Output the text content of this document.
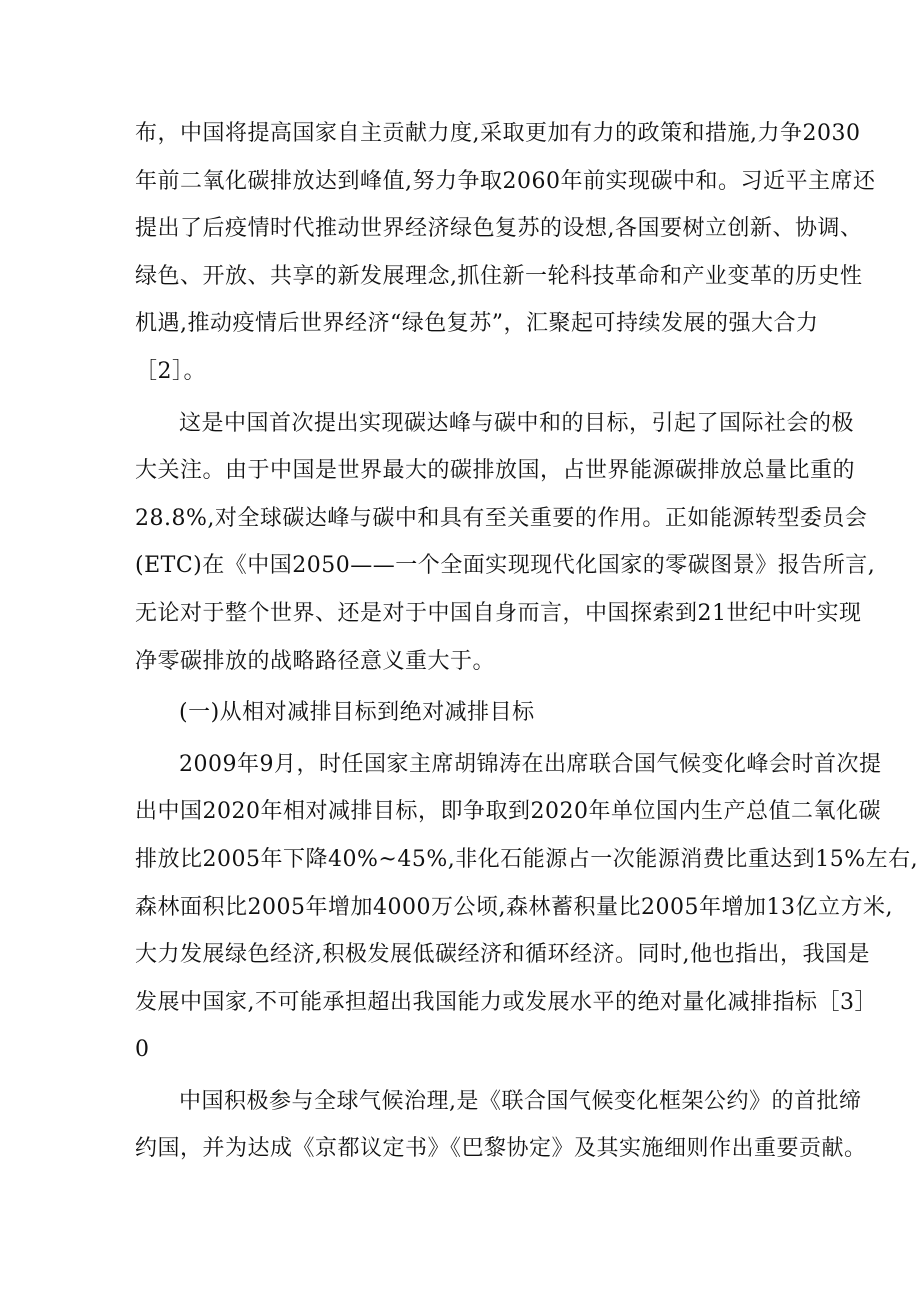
布，中国将提高国家自主贡献力度,采取更加有力的政策和措施,力争2030
年前二氧化碳排放达到峰值,努力争取2060年前实现碳中和。习近平主席还
提出了后疫情时代推动世界经济绿色复苏的设想,各国要树立创新、协调、
绿色、开放、共享的新发展理念,抓住新一轮科技革命和产业变革的历史性
机遇,推动疫情后世界经济“绿色复苏”，汇聚起可持续发展的强大合力
［2］。
这是中国首次提出实现碳达峰与碳中和的目标，引起了国际社会的极
大关注。由于中国是世界最大的碳排放国，占世界能源碳排放总量比重的
28.8%,对全球碳达峰与碳中和具有至关重要的作用。正如能源转型委员会
(ETC)在《中国2050——一个全面实现现代化国家的零碳图景》报告所言,
无论对于整个世界、还是对于中国自身而言，中国探索到21世纪中叶实现
净零碳排放的战略路径意义重大于。
(一)从相对减排目标到绝对减排目标
2009年9月，时任国家主席胡锦涛在出席联合国气候变化峰会时首次提
出中国2020年相对减排目标，即争取到2020年单位国内生产总值二氧化碳
排放比2005年下降40%~45%,非化石能源占一次能源消费比重达到15%左右,
森林面积比2005年增加4000万公顷,森林蓄积量比2005年增加13亿立方米,
大力发展绿色经济,积极发展低碳经济和循环经济。同时,他也指出，我国是
发展中国家,不可能承担超出我国能力或发展水平的绝对量化减排指标［3］
0
中国积极参与全球气候治理,是《联合国气候变化框架公约》的首批缔
约国，并为达成《京都议定书》《巴黎协定》及其实施细则作出重要贡献。
